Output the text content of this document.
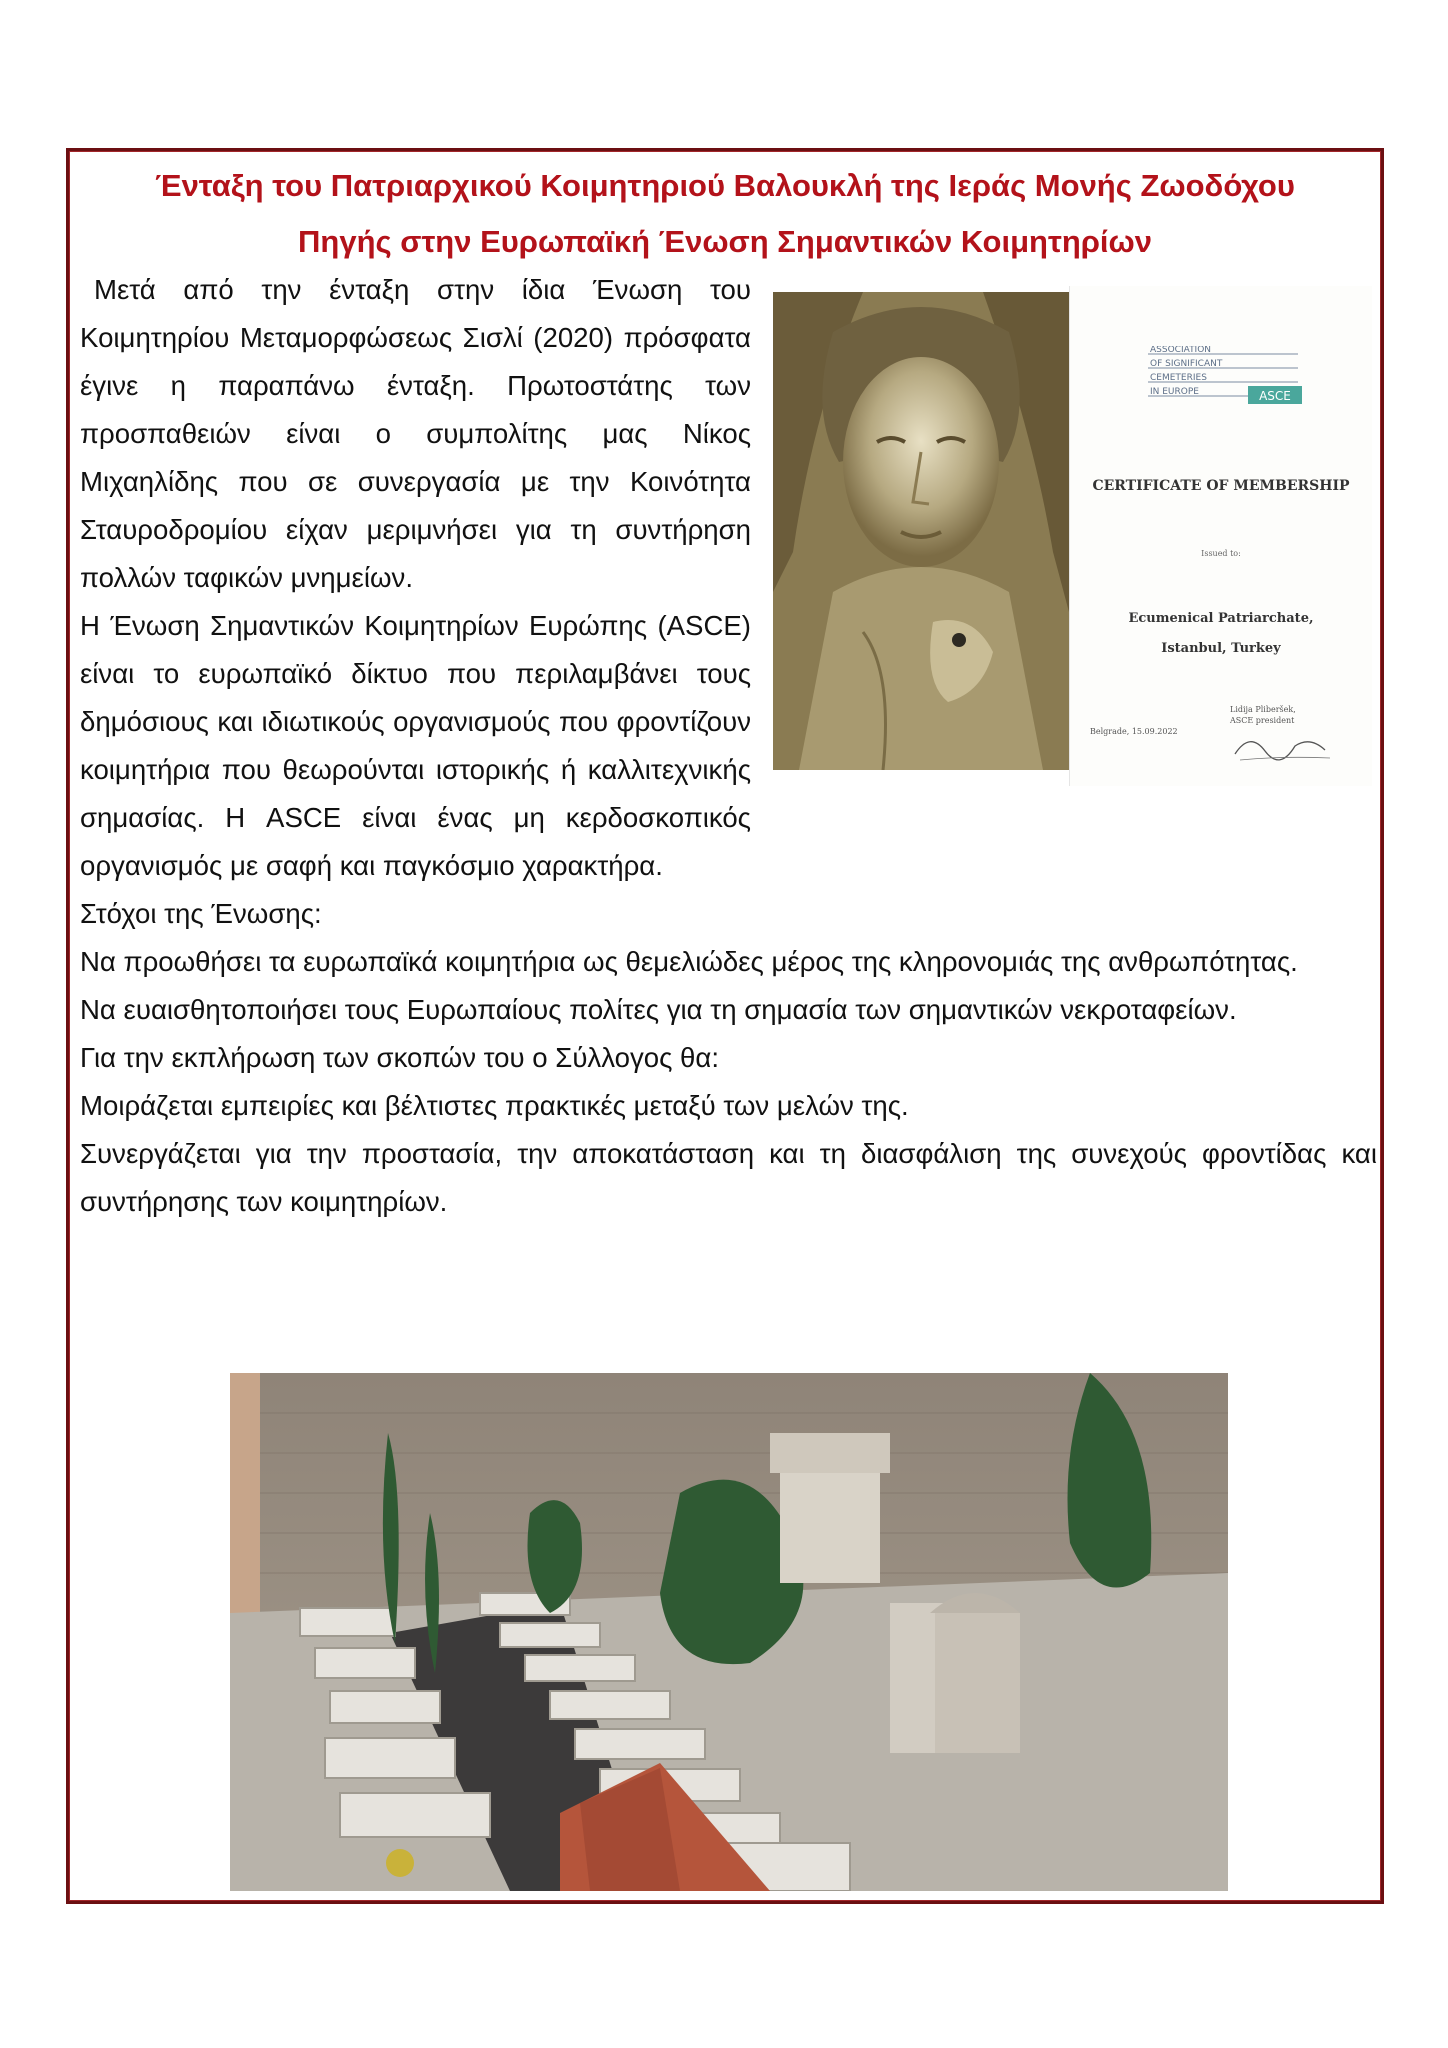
Ένταξη του Πατριαρχικού Κοιμητηριού Βαλουκλή της Ιεράς Μονής Ζωοδόχου
Πηγής στην Ευρωπαϊκή Ένωση Σημαντικών Κοιμητηρίων
ASSOCIATION
OF SIGNIFICANT
CEMETERIES
IN EUROPE	ASCE
CERTIFICATE OF MEMBERSHIP
Issued to:
Ecumenical Patriarchate,
Istanbul, Turkey
Belgrade, 15.09.2022
Lidija Pliberšek,
ASCE president

Μετά από την ένταξη στην ίδια Ένωση του Κοιμητηρίου Μεταμορφώσεως Σισλί (2020) πρόσφατα έγινε η παραπάνω ένταξη. Πρωτοστάτης των προσπαθειών είναι ο συμπολίτης μας Νίκος Μιχαηλίδης που σε συνεργασία με την Κοινότητα Σταυροδρομίου είχαν μεριμνήσει για τη συντήρηση πολλών ταφικών μνημείων.

Η Ένωση Σημαντικών Κοιμητηρίων Ευρώπης (ASCE) είναι το ευρωπαϊκό δίκτυο που περιλαμβάνει τους δημόσιους και ιδιωτικούς οργανισμούς που φροντίζουν κοιμητήρια που θεωρούνται ιστορικής ή καλλιτεχνικής σημασίας. Η ASCE είναι ένας μη κερδοσκοπικός οργανισμός με σαφή και παγκόσμιο χαρακτήρα.

Στόχοι της Ένωσης:

Να προωθήσει τα ευρωπαϊκά κοιμητήρια ως θεμελιώδες μέρος της κληρονομιάς της ανθρωπότητας.

Να ευαισθητοποιήσει τους Ευρωπαίους πολίτες για τη σημασία των σημαντικών νεκροταφείων.

Για την εκπλήρωση των σκοπών του ο Σύλλογος θα:

Μοιράζεται εμπειρίες και βέλτιστες πρακτικές μεταξύ των μελών της.

Συνεργάζεται για την προστασία, την αποκατάσταση και τη διασφάλιση της συνεχούς φροντίδας και συντήρησης των κοιμητηρίων.
